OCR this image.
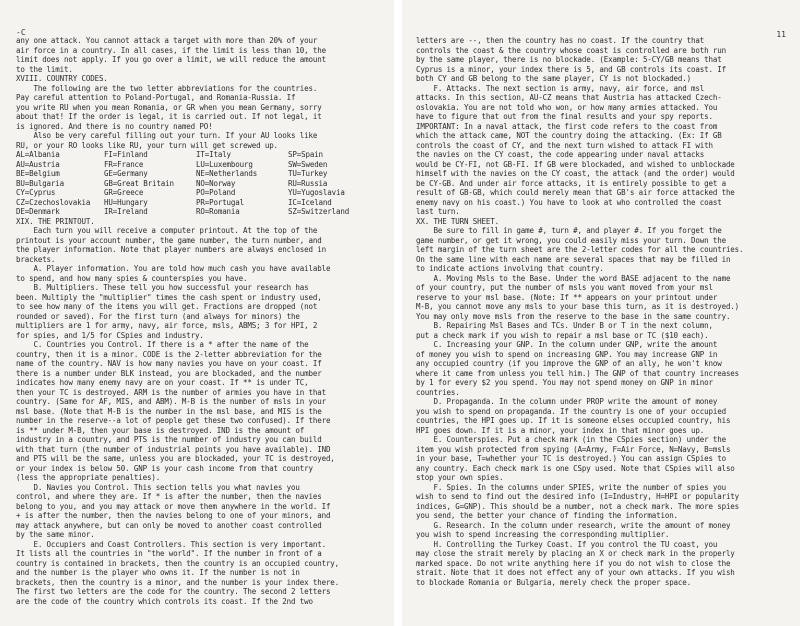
-C
any one attack. You cannot attack a target with more than 20% of your
air force in a country. In all cases, if the limit is less than 10, the
limit does not apply. If you go over a limit, we will reduce the amount
to the limit.
XVIII. COUNTRY CODES.
The following are the two letter abbreviations for the countries.
Pay careful attention to Poland-Portugal, and Romania-Russia. If
you write RU when you mean Romania, or GR when you mean Germany, sorry
about that! If the order is legal, it is carried out. If not legal, it
is ignored. And there is no country named PO!
Also be very careful filling out your turn. If your AU looks like
RU, or your RO looks like RU, your turn will get screwed up.
AL=Albania	FI=Finland	IT=Italy	SP=Spain
AU=Austria	FR=France	LU=Luxembourg	SW=Sweden
BE=Belgium	GE=Germany	NE=Netherlands	TU=Turkey
BU=Bulgaria	GB=Great Britain	NO=Norway	RU=Russia
CY=Cyprus	GR=Greece	PO=Poland	YU=Yugoslavia
CZ=Czechoslovakia	HU=Hungary	PR=Portugal	IC=Iceland
DE=Denmark	IR=Ireland	RO=Romania	SZ=Switzerland
XIX. THE PRINTOUT.
Each turn you will receive a computer printout. At the top of the
printout is your account number, the game number, the turn number, and
the player information. Note that player numbers are always enclosed in
brackets.
A. Player information. You are told how much cash you have available
to spend, and how many spies & counterspies you have.
B. Multipliers. These tell you how successful your research has
been. Multiply the "multiplier" times the cash spent or industry used,
to see how many of the items you will get. Fractions are dropped (not
rounded or saved). For the first turn (and always for minors) the
multipliers are 1 for army, navy, air force, msls, ABMS; 3 for HPI, 2
for spies, and 1/5 for CSpies and industry.
C. Countries you Control. If there is a * after the name of the
country, then it is a minor. CODE is the 2-letter abbreviation for the
name of the country. NAV is how many navies you have on your coast. If
there is a number under BLK instead, you are blockaded, and the number
indicates how many enemy navy are on your coast. If ** is under TC,
then your TC is destroyed. ARM is the number of armies you have in that
country. (Same for AF, MIS, and ABM). M-B is the number of msls in your
msl base. (Note that M-B is the number in the msl base, and MIS is the
number in the reserve--a lot of people get these two confused). If there
is ** under M-B, then your base is destroyed. IND is the amount of
industry in a country, and PTS is the number of industry you can build
with that turn (the number of industrial points you have available). IND
and PTS will be the same, unless you are blockaded, your TC is destroyed,
or your index is below 50. GNP is your cash income from that country
(less the appropriate penalties).
D. Navies you Control. This section tells you what navies you
control, and where they are. If * is after the number, then the navies
belong to you, and you may attack or move them anywhere in the world. If
+ is after the number, then the navies belong to one of your minors, and
may attack anywhere, but can only be moved to another coast controlled
by the same minor.
E. Occupiers and Coast Controllers. This section is very important.
It lists all the countries in "the world". If the number in front of a
country is contained in brackets, then the country is an occupied country,
and the number is the player who owns it. If the number is not in
brackets, then the country is a minor, and the number is your index there.
The first two letters are the code for the country. The second 2 letters
are the code of the country which controls its coast. If the 2nd two
11
letters are --, then the country has no coast. If the country that
controls the coast & the country whose coast is controlled are both run
by the same player, there is no blockade. (Example: 5-CY/GB means that
Cyprus is a minor, your index there is 5, and GB controls its coast. If
both CY and GB belong to the same player, CY is not blockaded.)
F. Attacks. The next section is army, navy, air force, and msl
attacks. In this section, AU-CZ means that Austria has attacked Czech-
oslovakia. You are not told who won, or how many armies attacked. You
have to figure that out from the final results and your spy reports.
IMPORTANT: In a naval attack, the first code refers to the coast from
which the attack came, NOT the country doing the attacking. (Ex: If GB
controls the coast of CY, and the next turn wished to attack FI with
the navies on the CY coast, the code appearing under naval attacks
would be CY-FI, not GB-FI. If GB were blockaded, and wished to unblockade
himself with the navies on the CY coast, the attack (and the order) would
be CY-GB. And under air force attacks, it is entirely possible to get a
result of GB-GB, which could merely mean that GB's air force attacked the
enemy navy on his coast.) You have to look at who controlled the coast
last turn.
XX. THE TURN SHEET.
Be sure to fill in game #, turn #, and player #. If you forget the
game number, or get it wrong, you could easily miss your turn. Down the
left margin of the turn sheet are the 2-letter codes for all the countries.
On the same line with each name are several spaces that may be filled in
to indicate actions involving that country.
A. Moving Msls to the Base. Under the word BASE adjacent to the name
of your country, put the number of msls you want moved from your msl
reserve to your msl base. (Note: If ** appears on your printout under
M-B, you cannot move any msls to your base this turn, as it is destroyed.)
You may only move msls from the reserve to the base in the same country.
B. Repairing Msl Bases and TCs. Under B or T in the next column,
put a check mark if you wish to repair a msl base or TC ($10 each).
C. Increasing your GNP. In the column under GNP, write the amount
of money you wish to spend on increasing GNP. You may increase GNP in
any occupied country (if you improve the GNP of an ally, he won't know
where it came from unless you tell him.) The GNP of that country increases
by 1 for every $2 you spend. You may not spend money on GNP in minor
countries.
D. Propaganda. In the column under PROP write the amount of money
you wish to spend on propaganda. If the country is one of your occupied
countries, the HPI goes up. If it is someone elses occupied country, his
HPI goes down. If it is a minor, your index in that minor goes up.
E. Counterspies. Put a check mark (in the CSpies section) under the
item you wish protected from spying (A=Army, F=Air Force, N=Navy, B=msls
in your base, T=whether your TC is destroyed.) You can assign CSpies to
any country. Each check mark is one CSpy used. Note that CSpies will also
stop your own spies.
F. Spies. In the columns under SPIES, write the number of spies you
wish to send to find out the desired info (I=Industry, H=HPI or popularity
indices, G=GNP). This should be a number, not a check mark. The more spies
you send, the better your chance of finding the information.
G. Research. In the column under research, write the amount of money
you wish to spend increasing the corresponding multiplier.
H. Controlling the Turkey Coast. If you control the TU coast, you
may close the strait merely by placing an X or check mark in the properly
marked space. Do not write anything here if you do not wish to close the
strait. Note that it does not effect any of your own attacks. If you wish
to blockade Romania or Bulgaria, merely check the proper space.
